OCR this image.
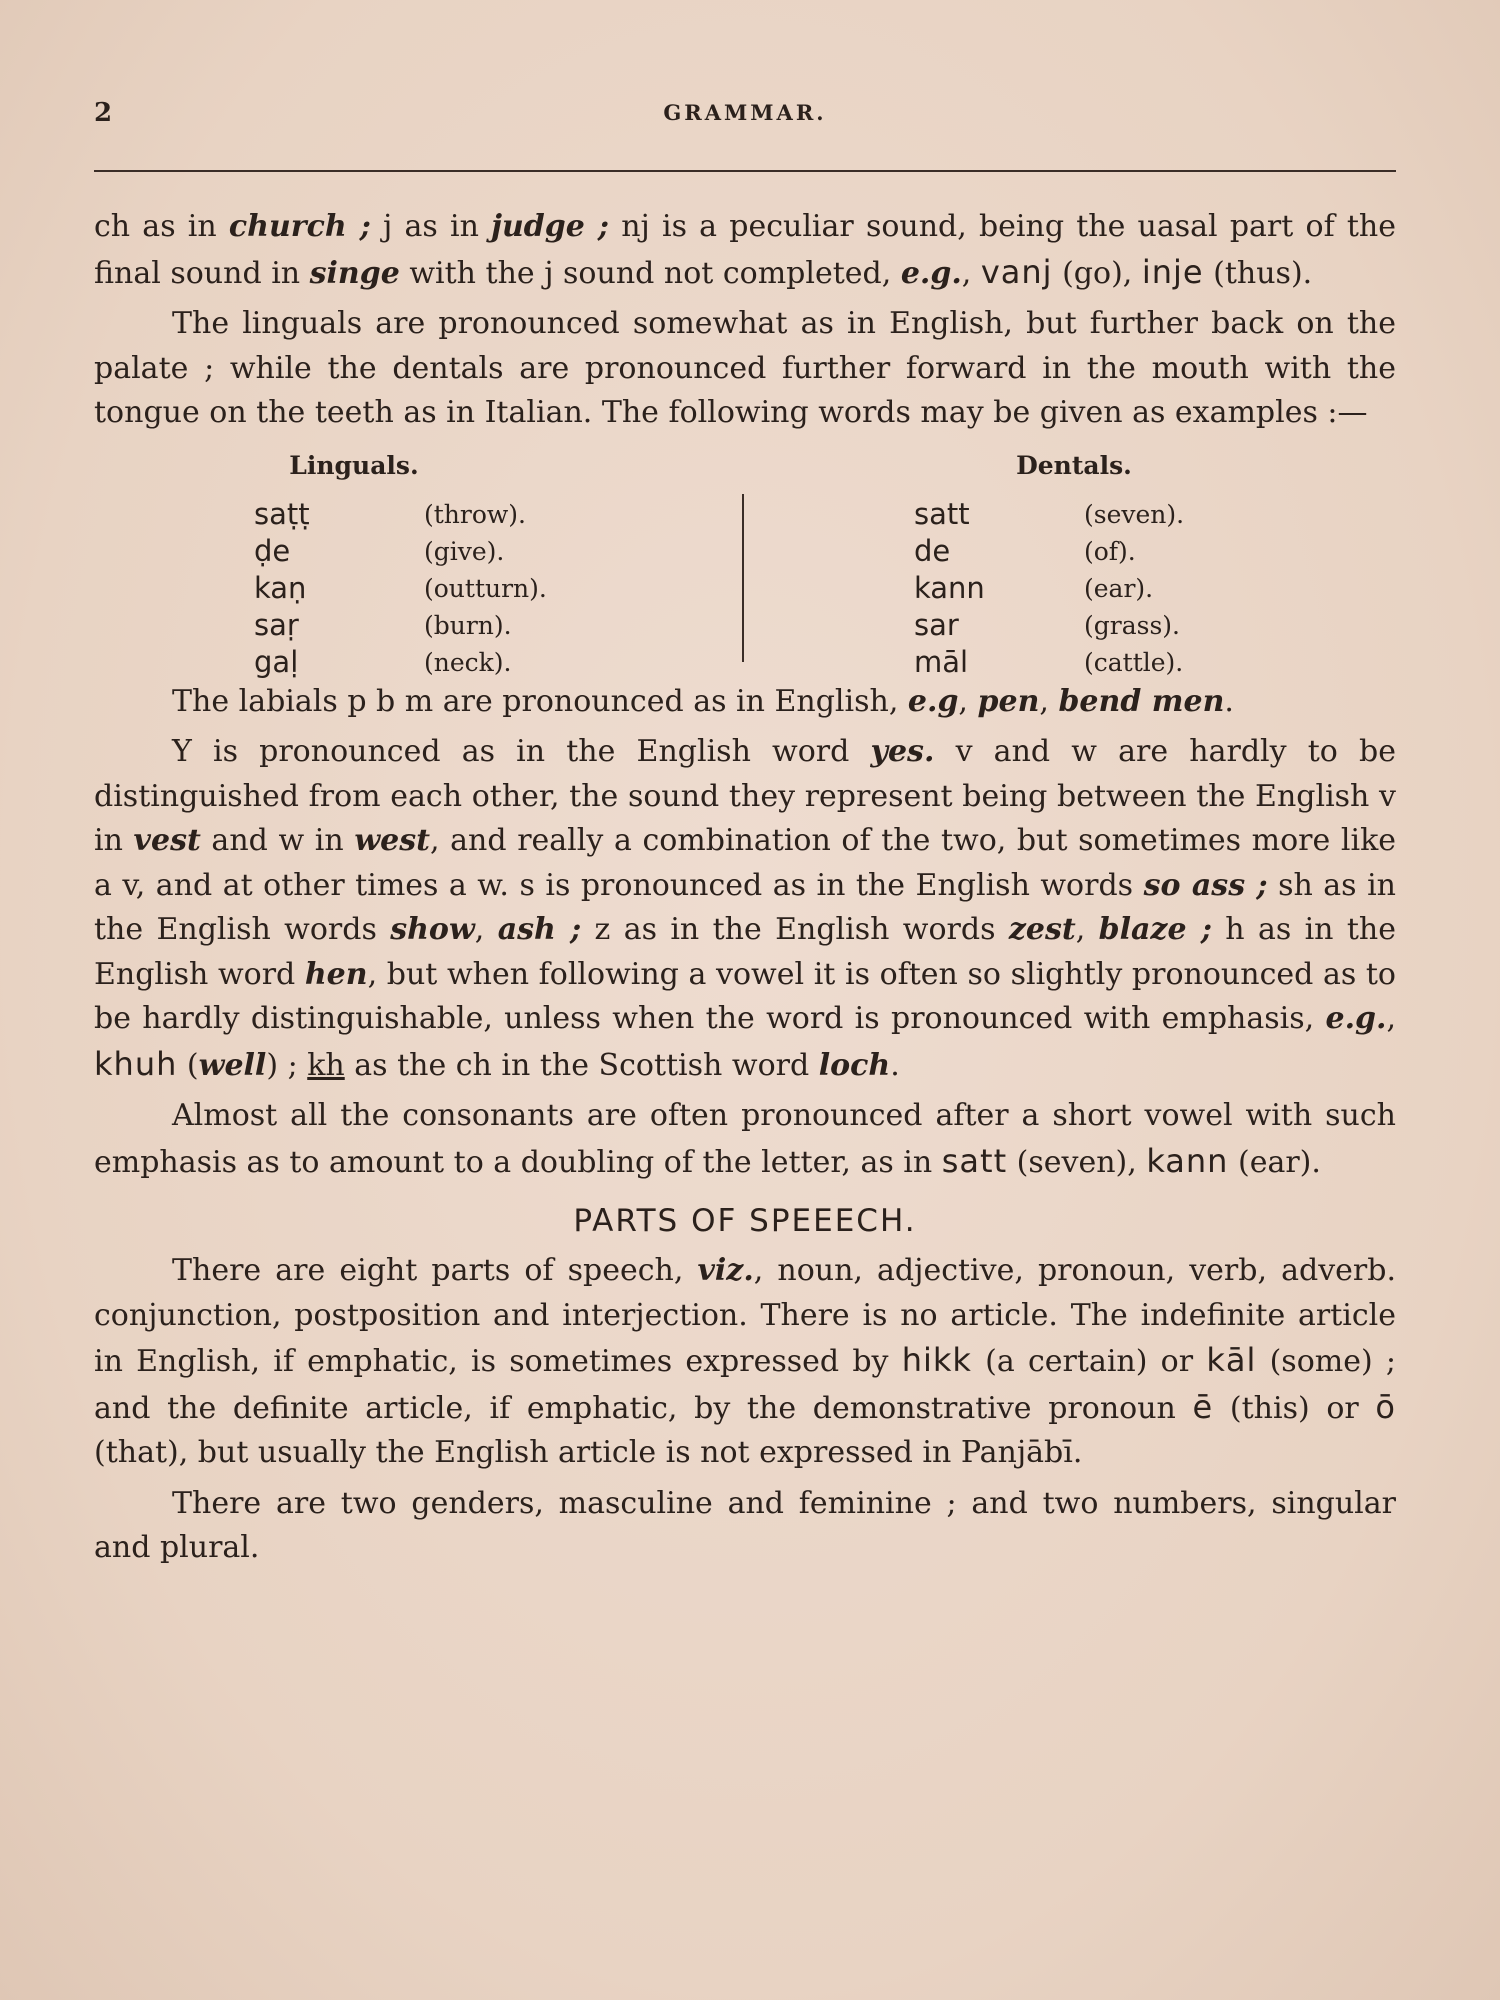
2	GRAMMAR.

ch as in church ; j as in judge ; nj is a peculiar sound, being the uasal part of the final sound in singe with the j sound not completed, e.g., vanj (go), inje (thus).

The linguals are pronounced somewhat as in English, but further back on the palate ; while the dentals are pronounced further forward in the mouth with the tongue on the teeth as in Italian. The following words may be given as examples :—

Linguals.
saṭṭ	(throw).
ḍe	(give).
kaṇ	(outturn).
saṛ	(burn).
gaḷ	(neck).
Dentals.
satt	(seven).
de	(of).
kann	(ear).
sar	(grass).
māl	(cattle).

The labials p b m are pronounced as in English, e.g, pen, bend men.

Y is pronounced as in the English word yes. v and w are hardly to be distinguished from each other, the sound they represent being between the English v in vest and w in west, and really a combination of the two, but sometimes more like a v, and at other times a w. s is pronounced as in the English words so ass ; sh as in the English words show, ash ; z as in the English words zest, blaze ; h as in the English word hen, but when following a vowel it is often so slightly pronounced as to be hardly distinguishable, unless when the word is pronounced with emphasis, e.g., khuh (well) ; kh as the ch in the Scottish word loch.

Almost all the consonants are often pronounced after a short vowel with such emphasis as to amount to a doubling of the letter, as in satt (seven), kann (ear).

PARTS OF SPEEECH.

There are eight parts of speech, viz., noun, adjective, pronoun, verb, adverb. conjunction, postposition and interjection. There is no article. The indefinite article in English, if emphatic, is sometimes expressed by hikk (a certain) or kāl (some) ; and the definite article, if emphatic, by the demonstrative pronoun ē (this) or ō (that), but usually the English article is not expressed in Panjābī.

There are two genders, masculine and feminine ; and two numbers, singular and plural.
